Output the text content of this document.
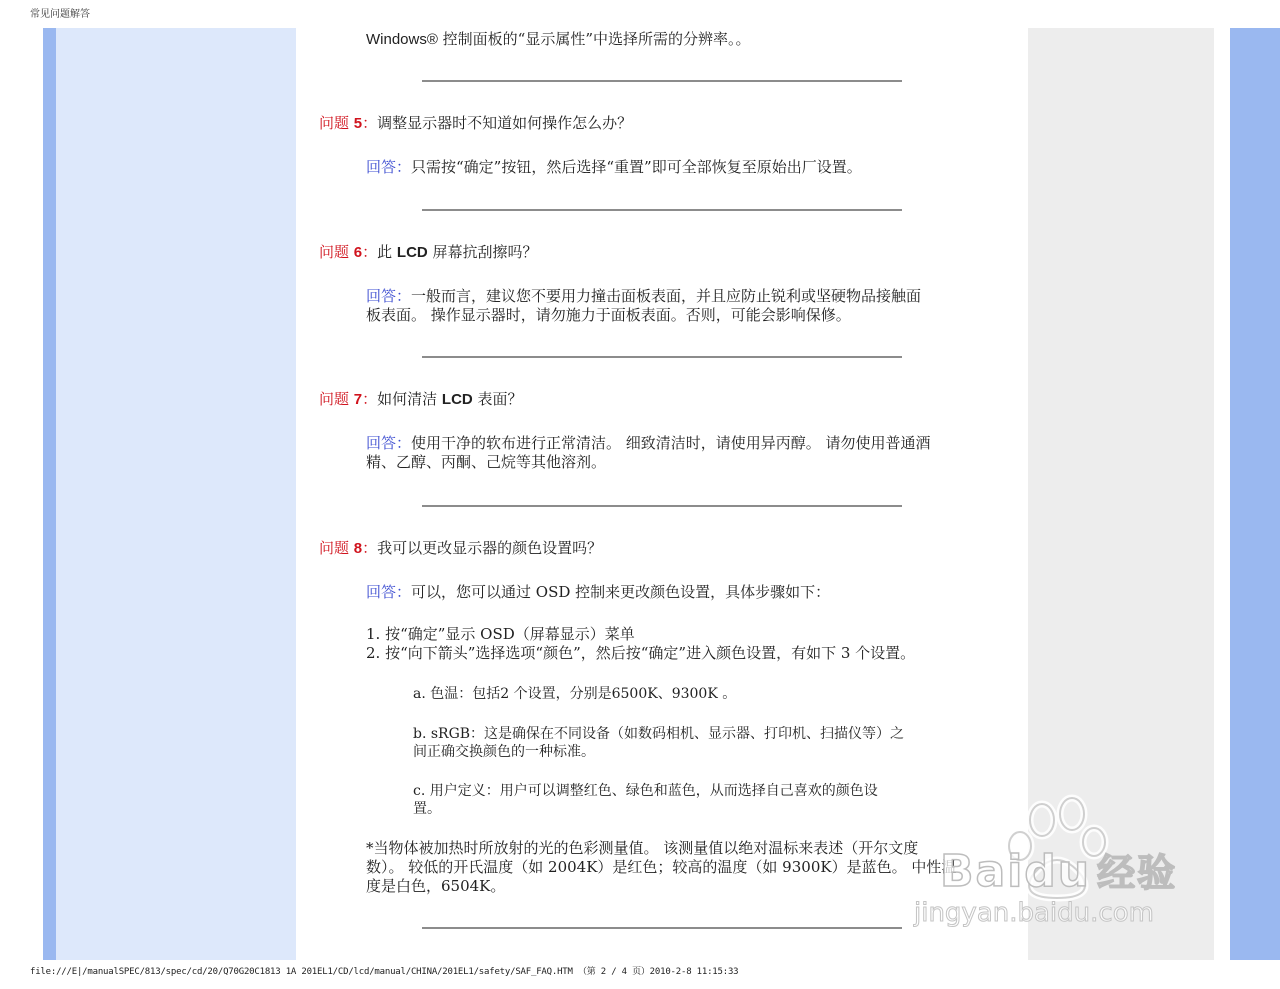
常见问题解答
Windows® 控制面板的“显示属性”中选择所需的分辨率。。
问题 5：调整显示器时不知道如何操作怎么办？
回答：只需按“确定”按钮，然后选择“重置”即可全部恢复至原始出厂设置。
问题 6：此 LCD 屏幕抗刮擦吗？
回答：一般而言，建议您不要用力撞击面板表面，并且应防止锐利或坚硬物品接触面
板表面。 操作显示器时，请勿施力于面板表面。否则，可能会影响保修。
问题 7：如何清洁 LCD 表面？
回答：使用干净的软布进行正常清洁。 细致清洁时，请使用异丙醇。 请勿使用普通酒
精、乙醇、丙酮、己烷等其他溶剂。
问题 8：我可以更改显示器的颜色设置吗？
回答：可以，您可以通过 OSD 控制来更改颜色设置，具体步骤如下：
1. 按“确定”显示 OSD（屏幕显示）菜单
2. 按“向下箭头”选择选项“颜色”，然后按“确定”进入颜色设置，有如下 3 个设置。
a. 色温：包括2 个设置，分别是6500K、9300K 。
b. sRGB：这是确保在不同设备（如数码相机、显示器、打印机、扫描仪等）之
间正确交换颜色的一种标准。
c. 用户定义：用户可以调整红色、绿色和蓝色，从而选择自己喜欢的颜色设
置。
*当物体被加热时所放射的光的色彩测量值。 该测量值以绝对温标来表述（开尔文度
数）。 较低的开氏温度（如 2004K）是红色；较高的温度（如 9300K）是蓝色。 中性温
度是白色，6504K。	Baidu 经验
jingyan.baidu.com
file:///E|/manualSPEC/813/spec/cd/20/Q70G20C1813 1A 201EL1/CD/lcd/manual/CHINA/201EL1/safety/SAF_FAQ.HTM （第 2 / 4 页）2010-2-8 11:15:33
